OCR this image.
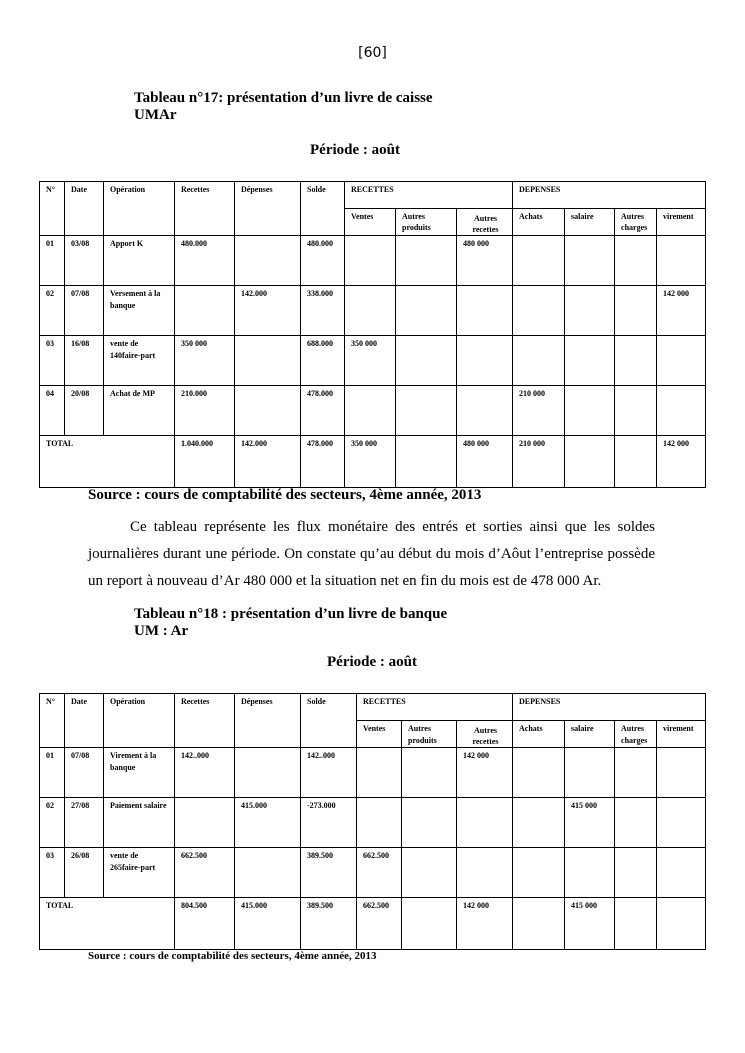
[60]
Tableau n°17: présentation d’un livre de caisse
UMAr
Période : août
N°	Date	Opération	Recettes	Dépenses	Solde	RECETTES			DEPENSES			
						Ventes	Autres produits	Autres recettes	Achats	salaire	Autres charges	virement
01	03/08	Apport K	480.000		480.000			480 000				
02	07/08	Versement à la banque		142.000	338.000							142 000
03	16/08	vente de 140faire-part	350 000		688.000	350 000						
04	20/08	Achat de MP	210.000		478.000				210 000			
TOTAL			1.040.000	142.000	478.000	350 000		480 000	210 000			142 000
Source : cours de comptabilité des secteurs, 4ème année, 2013
Ce tableau représente les flux monétaire des entrés et sorties ainsi que les soldes journalières durant une période. On constate qu’au début du mois d’Aôut l’entreprise possède un report à nouveau d’Ar 480 000 et la situation net en fin du mois est de 478 000 Ar.
Tableau n°18 : présentation d’un livre de banque
UM : Ar
Période : août
N°	Date	Opération	Recettes	Dépenses	Solde	RECETTES			DEPENSES			
						Ventes	Autres produits	Autres recettes	Achats	salaire	Autres charges	virement
01	07/08	Virement à la banque	142..000		142..000			142 000				
02	27/08	Paiement salaire		415.000	-273.000					415 000		
03	26/08	vente de 265faire-part	662.500		389.500	662.500						
TOTAL			804.500	415.000	389.500	662.500		142 000		415 000		
Source : cours de comptabilité des secteurs, 4ème année, 2013
